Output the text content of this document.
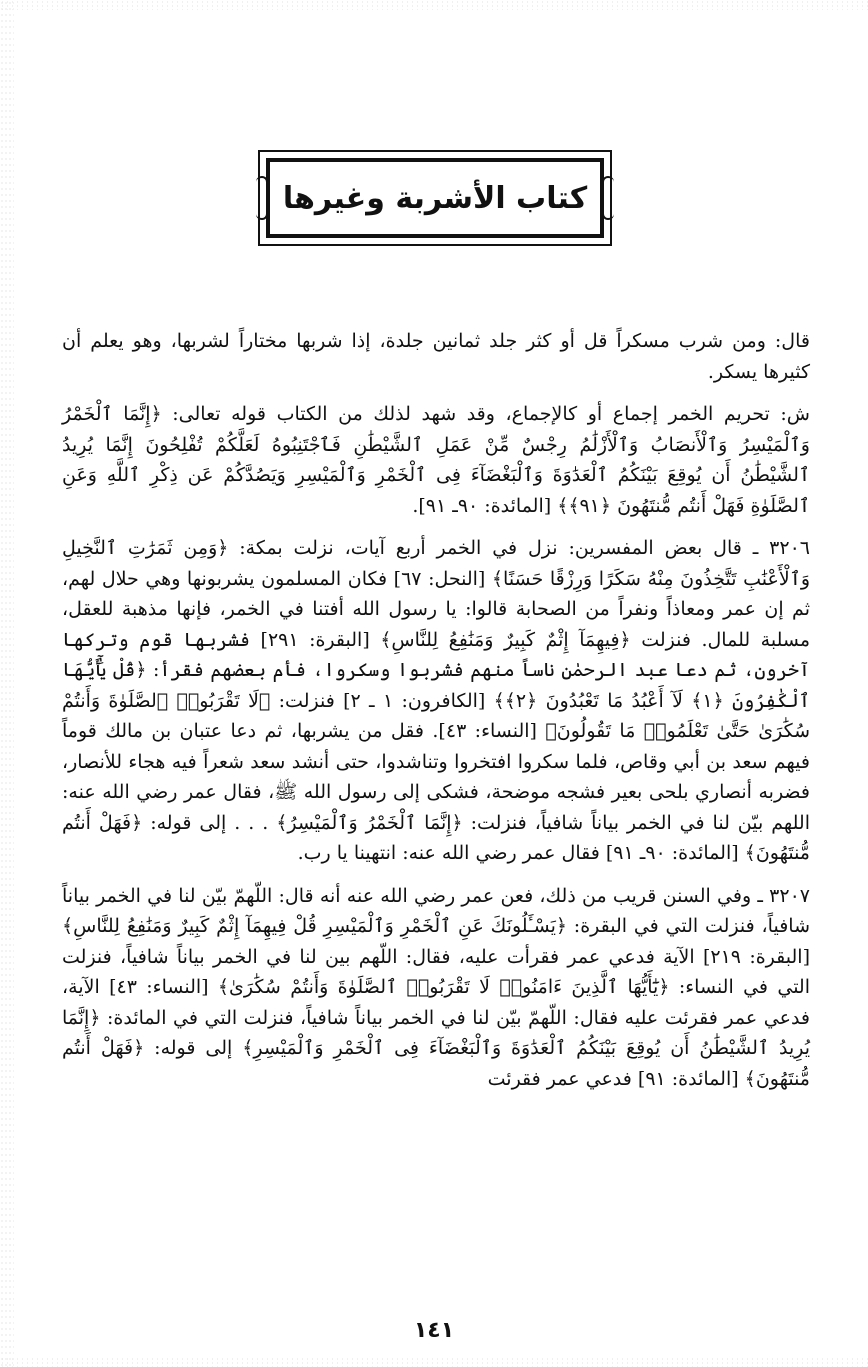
كتاب الأشربة وغيرها

قال: ومن شرب مسكراً قل أو كثر جلد ثمانين جلدة، إذا شربها مختاراً لشربها، وهو يعلم أن كثيرها يسكر.

ش: تحريم الخمر إجماع أو كالإجماع، وقد شهد لذلك من الكتاب قوله تعالى: ﴿إِنَّمَا ٱلْخَمْرُ وَٱلْمَيْسِرُ وَٱلْأَنصَابُ وَٱلْأَزْلَٰمُ رِجْسٌ مِّنْ عَمَلِ ٱلشَّيْطَٰنِ فَٱجْتَنِبُوهُ لَعَلَّكُمْ تُفْلِحُونَ إِنَّمَا يُرِيدُ ٱلشَّيْطَٰنُ أَن يُوقِعَ بَيْنَكُمُ ٱلْعَدَٰوَةَ وَٱلْبَغْضَآءَ فِى ٱلْخَمْرِ وَٱلْمَيْسِرِ وَيَصُدَّكُمْ عَن ذِكْرِ ٱللَّهِ وَعَنِ ٱلصَّلَوٰةِ فَهَلْ أَنتُم مُّنتَهُونَ ﴿٩١﴾﴾ [المائدة: ٩٠ـ ٩١].

٣٢٠٦ ـ قال بعض المفسرين: نزل في الخمر أربع آيات، نزلت بمكة: ﴿وَمِن ثَمَرَٰتِ ٱلنَّخِيلِ وَٱلْأَعْنَٰبِ تَتَّخِذُونَ مِنْهُ سَكَرًا وَرِزْقًا حَسَنًا﴾ [النحل: ٦٧] فكان المسلمون يشربونها وهي حلال لهم، ثم إن عمر ومعاذاً ونفراً من الصحابة قالوا: يا رسول الله أفتنا في الخمر، فإنها مذهبة للعقل، مسلبة للمال. فنزلت ﴿فِيهِمَآ إِثْمٌ كَبِيرٌ وَمَنَٰفِعُ لِلنَّاسِ﴾ [البقرة: ٢٩١] فشربها قوم وتركها آخرون، ثم دعا عبد الرحمٰن ناساً منهم فشربوا وسكروا، فأم بعضهم فقرأ: ﴿قُلْ يَٰٓأَيُّهَا ٱلْكَٰفِرُونَ ﴿١﴾ لَآ أَعْبُدُ مَا تَعْبُدُونَ ﴿٢﴾﴾ [الكافرون: ١ ـ ٢] فنزلت: ﴿لَا تَقْرَبُوا۟ ٱلصَّلَوٰةَ وَأَنتُمْ سُكَٰرَىٰ حَتَّىٰ تَعْلَمُوا۟ مَا تَقُولُونَ﴾ [النساء: ٤٣]. فقل من يشربها، ثم دعا عتبان بن مالك قوماً فيهم سعد بن أبي وقاص، فلما سكروا افتخروا وتناشدوا، حتى أنشد سعد شعراً فيه هجاء للأنصار، فضربه أنصاري بلحى بعير فشجه موضحة، فشكى إلى رسول الله ﷺ، فقال عمر رضي الله عنه: اللهم بيّن لنا في الخمر بياناً شافياً، فنزلت: ﴿إِنَّمَا ٱلْخَمْرُ وَٱلْمَيْسِرُ﴾ . . . إلى قوله: ﴿فَهَلْ أَنتُم مُّنتَهُونَ﴾ [المائدة: ٩٠ـ ٩١] فقال عمر رضي الله عنه: انتهينا يا رب.

٣٢٠٧ ـ وفي السنن قريب من ذلك، فعن عمر رضي الله عنه أنه قال: اللّهمّ بيّن لنا في الخمر بياناً شافياً، فنزلت التي في البقرة: ﴿يَسْـَٔلُونَكَ عَنِ ٱلْخَمْرِ وَٱلْمَيْسِرِ قُلْ فِيهِمَآ إِثْمٌ كَبِيرٌ وَمَنَٰفِعُ لِلنَّاسِ﴾ [البقرة: ٢١٩] الآية فدعي عمر فقرأت عليه، فقال: اللّهم بين لنا في الخمر بياناً شافياً، فنزلت التي في النساء: ﴿يَٰٓأَيُّهَا ٱلَّذِينَ ءَامَنُوا۟ لَا تَقْرَبُوا۟ ٱلصَّلَوٰةَ وَأَنتُمْ سُكَٰرَىٰ﴾ [النساء: ٤٣] الآية، فدعي عمر فقرئت عليه فقال: اللّهمّ بيّن لنا في الخمر بياناً شافياً، فنزلت التي في المائدة: ﴿إِنَّمَا يُرِيدُ ٱلشَّيْطَٰنُ أَن يُوقِعَ بَيْنَكُمُ ٱلْعَدَٰوَةَ وَٱلْبَغْضَآءَ فِى ٱلْخَمْرِ وَٱلْمَيْسِرِ﴾ إلى قوله: ﴿فَهَلْ أَنتُم مُّنتَهُونَ﴾ [المائدة: ٩١] فدعي عمر فقرئت

١٤١
